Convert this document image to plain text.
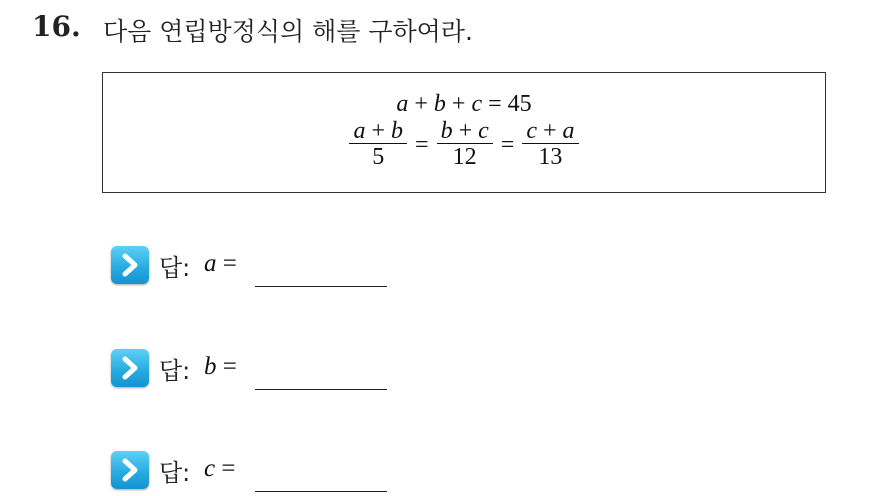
16. 다음 연립방정식의 해를 구하여라.
a + b + c = 45
$\frac{a + b}{5} = \frac{b + c}{12} = \frac{c + a}{13}$
답: a =
답: b =
답: c =
